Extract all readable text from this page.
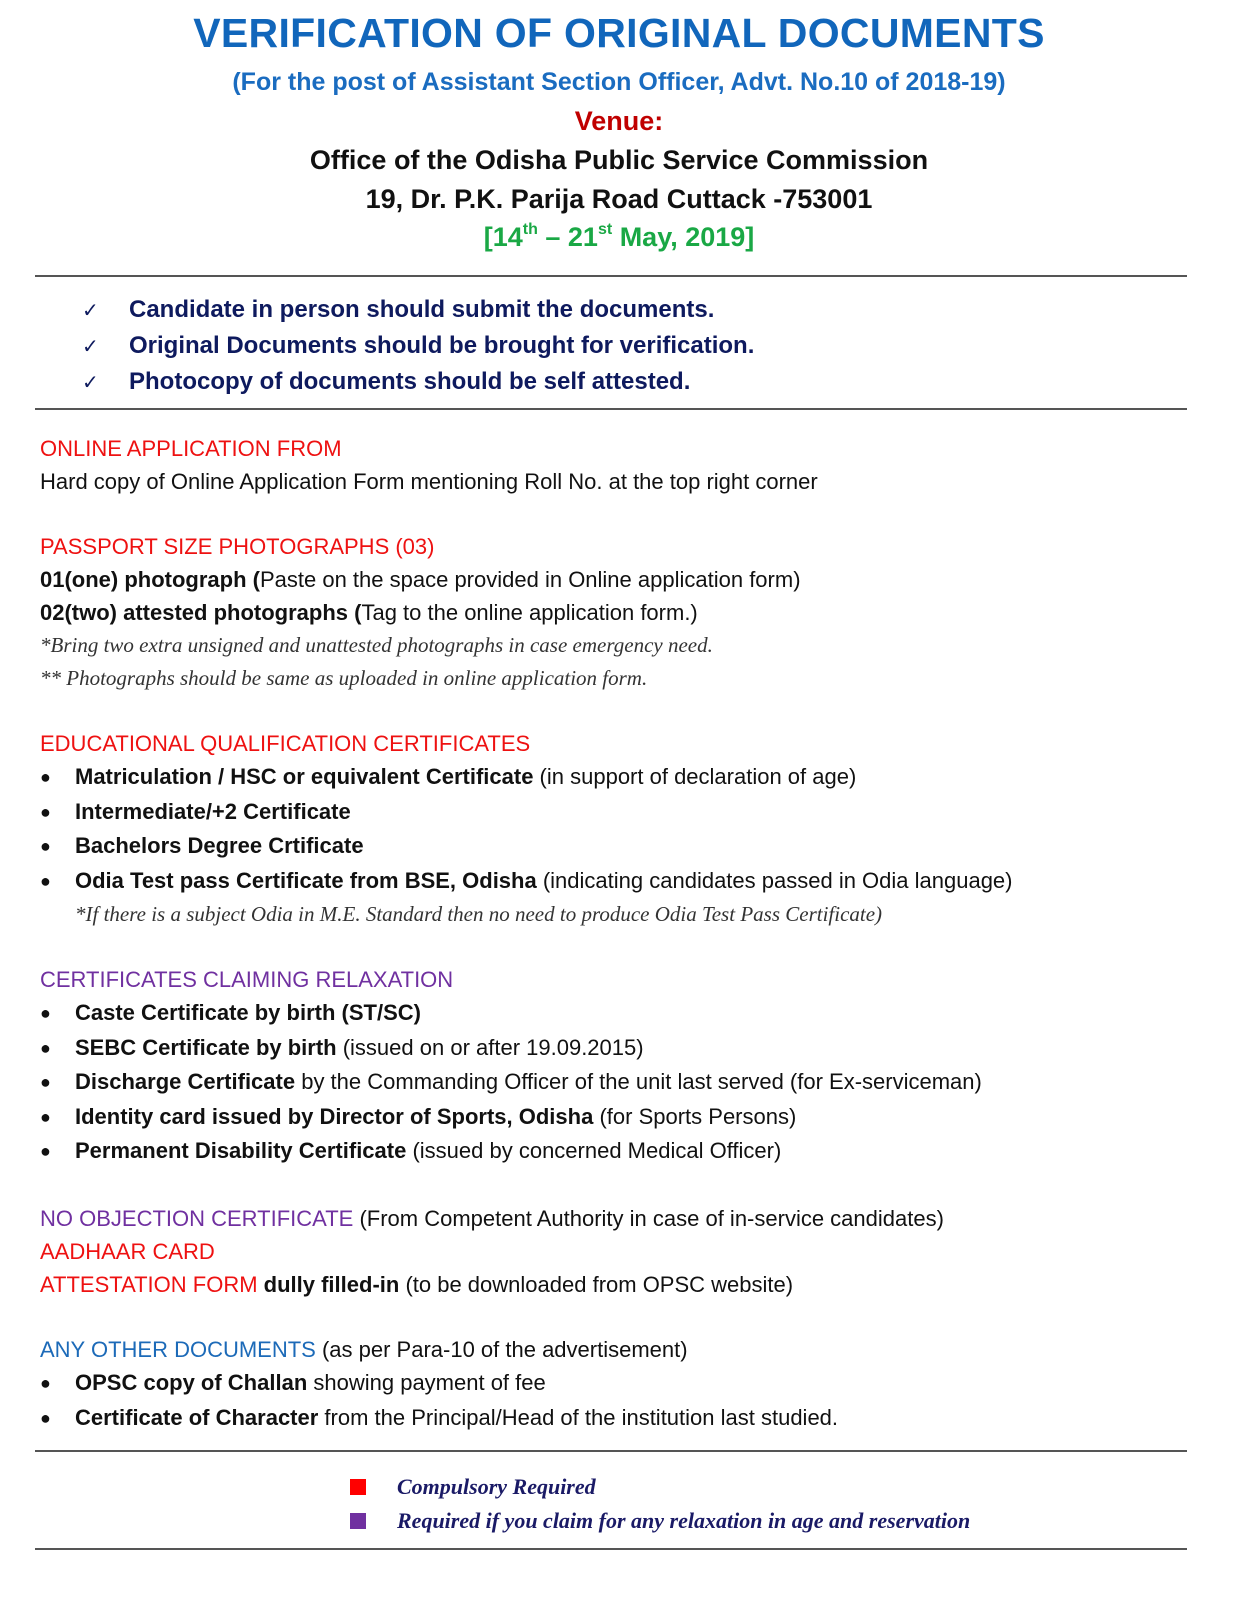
VERIFICATION OF ORIGINAL DOCUMENTS
(For the post of Assistant Section Officer, Advt. No.10 of 2018-19)
Venue:
Office of the Odisha Public Service Commission
19, Dr. P.K. Parija Road Cuttack -753001
[14th – 21st May, 2019]
✓	Candidate in person should submit the documents.
✓	Original Documents should be brought for verification.
✓	Photocopy of documents should be self attested.
ONLINE APPLICATION FROM
Hard copy of Online Application Form mentioning Roll No. at the top right corner
PASSPORT SIZE PHOTOGRAPHS (03)
01(one) photograph (Paste on the space provided in Online application form)
02(two) attested photographs (Tag to the online application form.)
*Bring two extra unsigned and unattested photographs in case emergency need.
** Photographs should be same as uploaded in online application form.
EDUCATIONAL QUALIFICATION CERTIFICATES
●	Matriculation / HSC or equivalent Certificate (in support of declaration of age)
●	Intermediate/+2 Certificate
●	Bachelors Degree Crtificate
●	Odia Test pass Certificate from BSE, Odisha (indicating candidates passed in Odia language)
*If there is a subject Odia in M.E. Standard then no need to produce Odia Test Pass Certificate)
CERTIFICATES CLAIMING RELAXATION
●	Caste Certificate by birth (ST/SC)
●	SEBC Certificate by birth (issued on or after 19.09.2015)
●	Discharge Certificate by the Commanding Officer of the unit last served (for Ex-serviceman)
●	Identity card issued by Director of Sports, Odisha (for Sports Persons)
●	Permanent Disability Certificate (issued by concerned Medical Officer)
NO OBJECTION CERTIFICATE (From Competent Authority in case of in-service candidates)
AADHAAR CARD
ATTESTATION FORM dully filled-in (to be downloaded from OPSC website)
ANY OTHER DOCUMENTS (as per Para-10 of the advertisement)
●	OPSC copy of Challan showing payment of fee
●	Certificate of Character from the Principal/Head of the institution last studied.
Compulsory Required
Required if you claim for any relaxation in age and reservation
